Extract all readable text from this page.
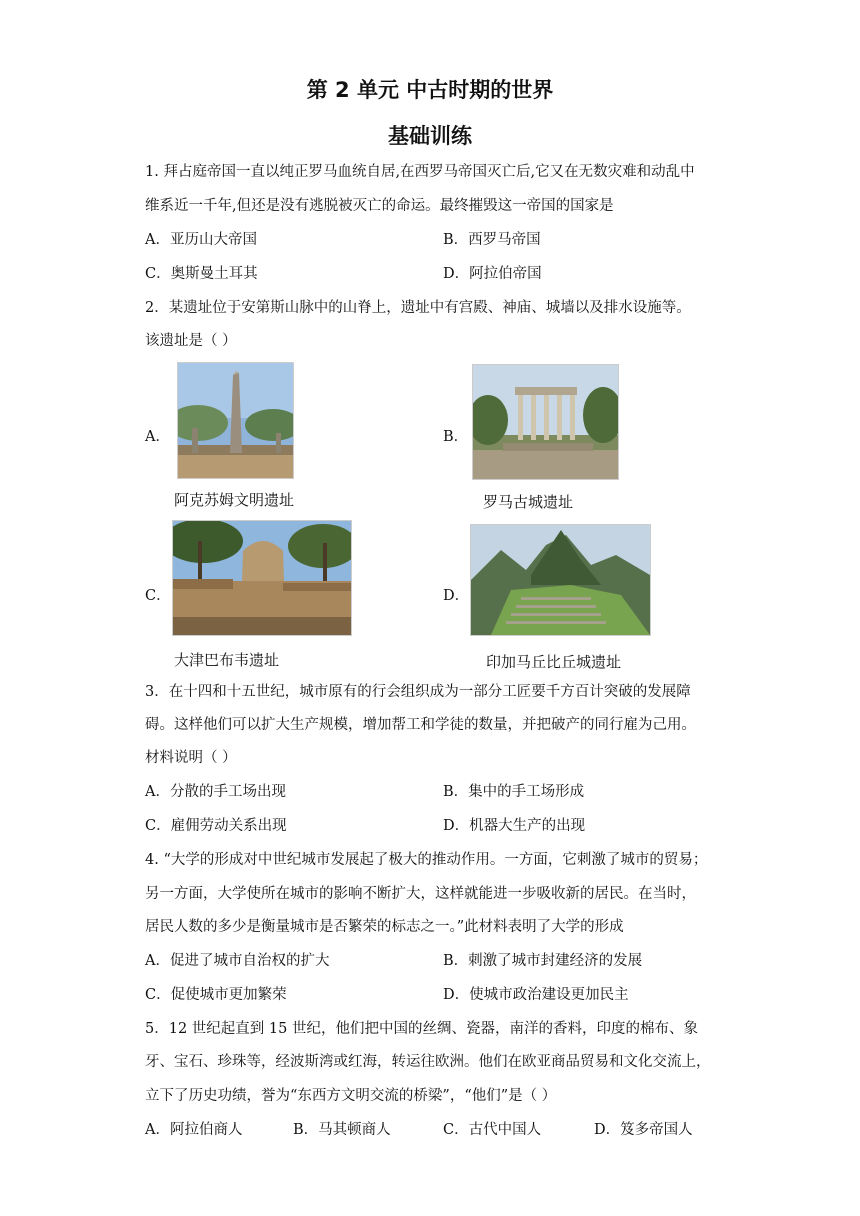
第 2 单元 中古时期的世界
基础训练
1. 拜占庭帝国一直以纯正罗马血统自居,在西罗马帝国灭亡后,它又在无数灾难和动乱中
维系近一千年,但还是没有逃脱被灭亡的命运。最终摧毁这一帝国的国家是
A．亚历山大帝国	B．西罗马帝国
C．奥斯曼土耳其	D．阿拉伯帝国
2．某遗址位于安第斯山脉中的山脊上，遗址中有宫殿、神庙、城墙以及排水设施等。
该遗址是（ ）
A．
阿克苏姆文明遗址
B．
罗马古城遗址
C．
大津巴布韦遗址
D．
印加马丘比丘城遗址
3．在十四和十五世纪，城市原有的行会组织成为一部分工匠要千方百计突破的发展障
碍。这样他们可以扩大生产规模，增加帮工和学徒的数量，并把破产的同行雇为己用。
材料说明（ ）
A．分散的手工场出现	B．集中的手工场形成
C．雇佣劳动关系出现	D．机器大生产的出现
4. “大学的形成对中世纪城市发展起了极大的推动作用。一方面，它刺激了城市的贸易；
另一方面，大学使所在城市的影响不断扩大，这样就能进一步吸收新的居民。在当时，
居民人数的多少是衡量城市是否繁荣的标志之一。”此材料表明了大学的形成
A．促进了城市自治权的扩大	B．刺激了城市封建经济的发展
C．促使城市更加繁荣	D．使城市政治建设更加民主
5．12 世纪起直到 15 世纪，他们把中国的丝绸、瓷器，南洋的香料，印度的棉布、象
牙、宝石、珍珠等，经波斯湾或红海，转运往欧洲。他们在欧亚商品贸易和文化交流上，
立下了历史功绩，誉为“东西方文明交流的桥梁”，“他们”是（ ）
A．阿拉伯商人	B．马其顿商人	C．古代中国人	D．笈多帝国人
